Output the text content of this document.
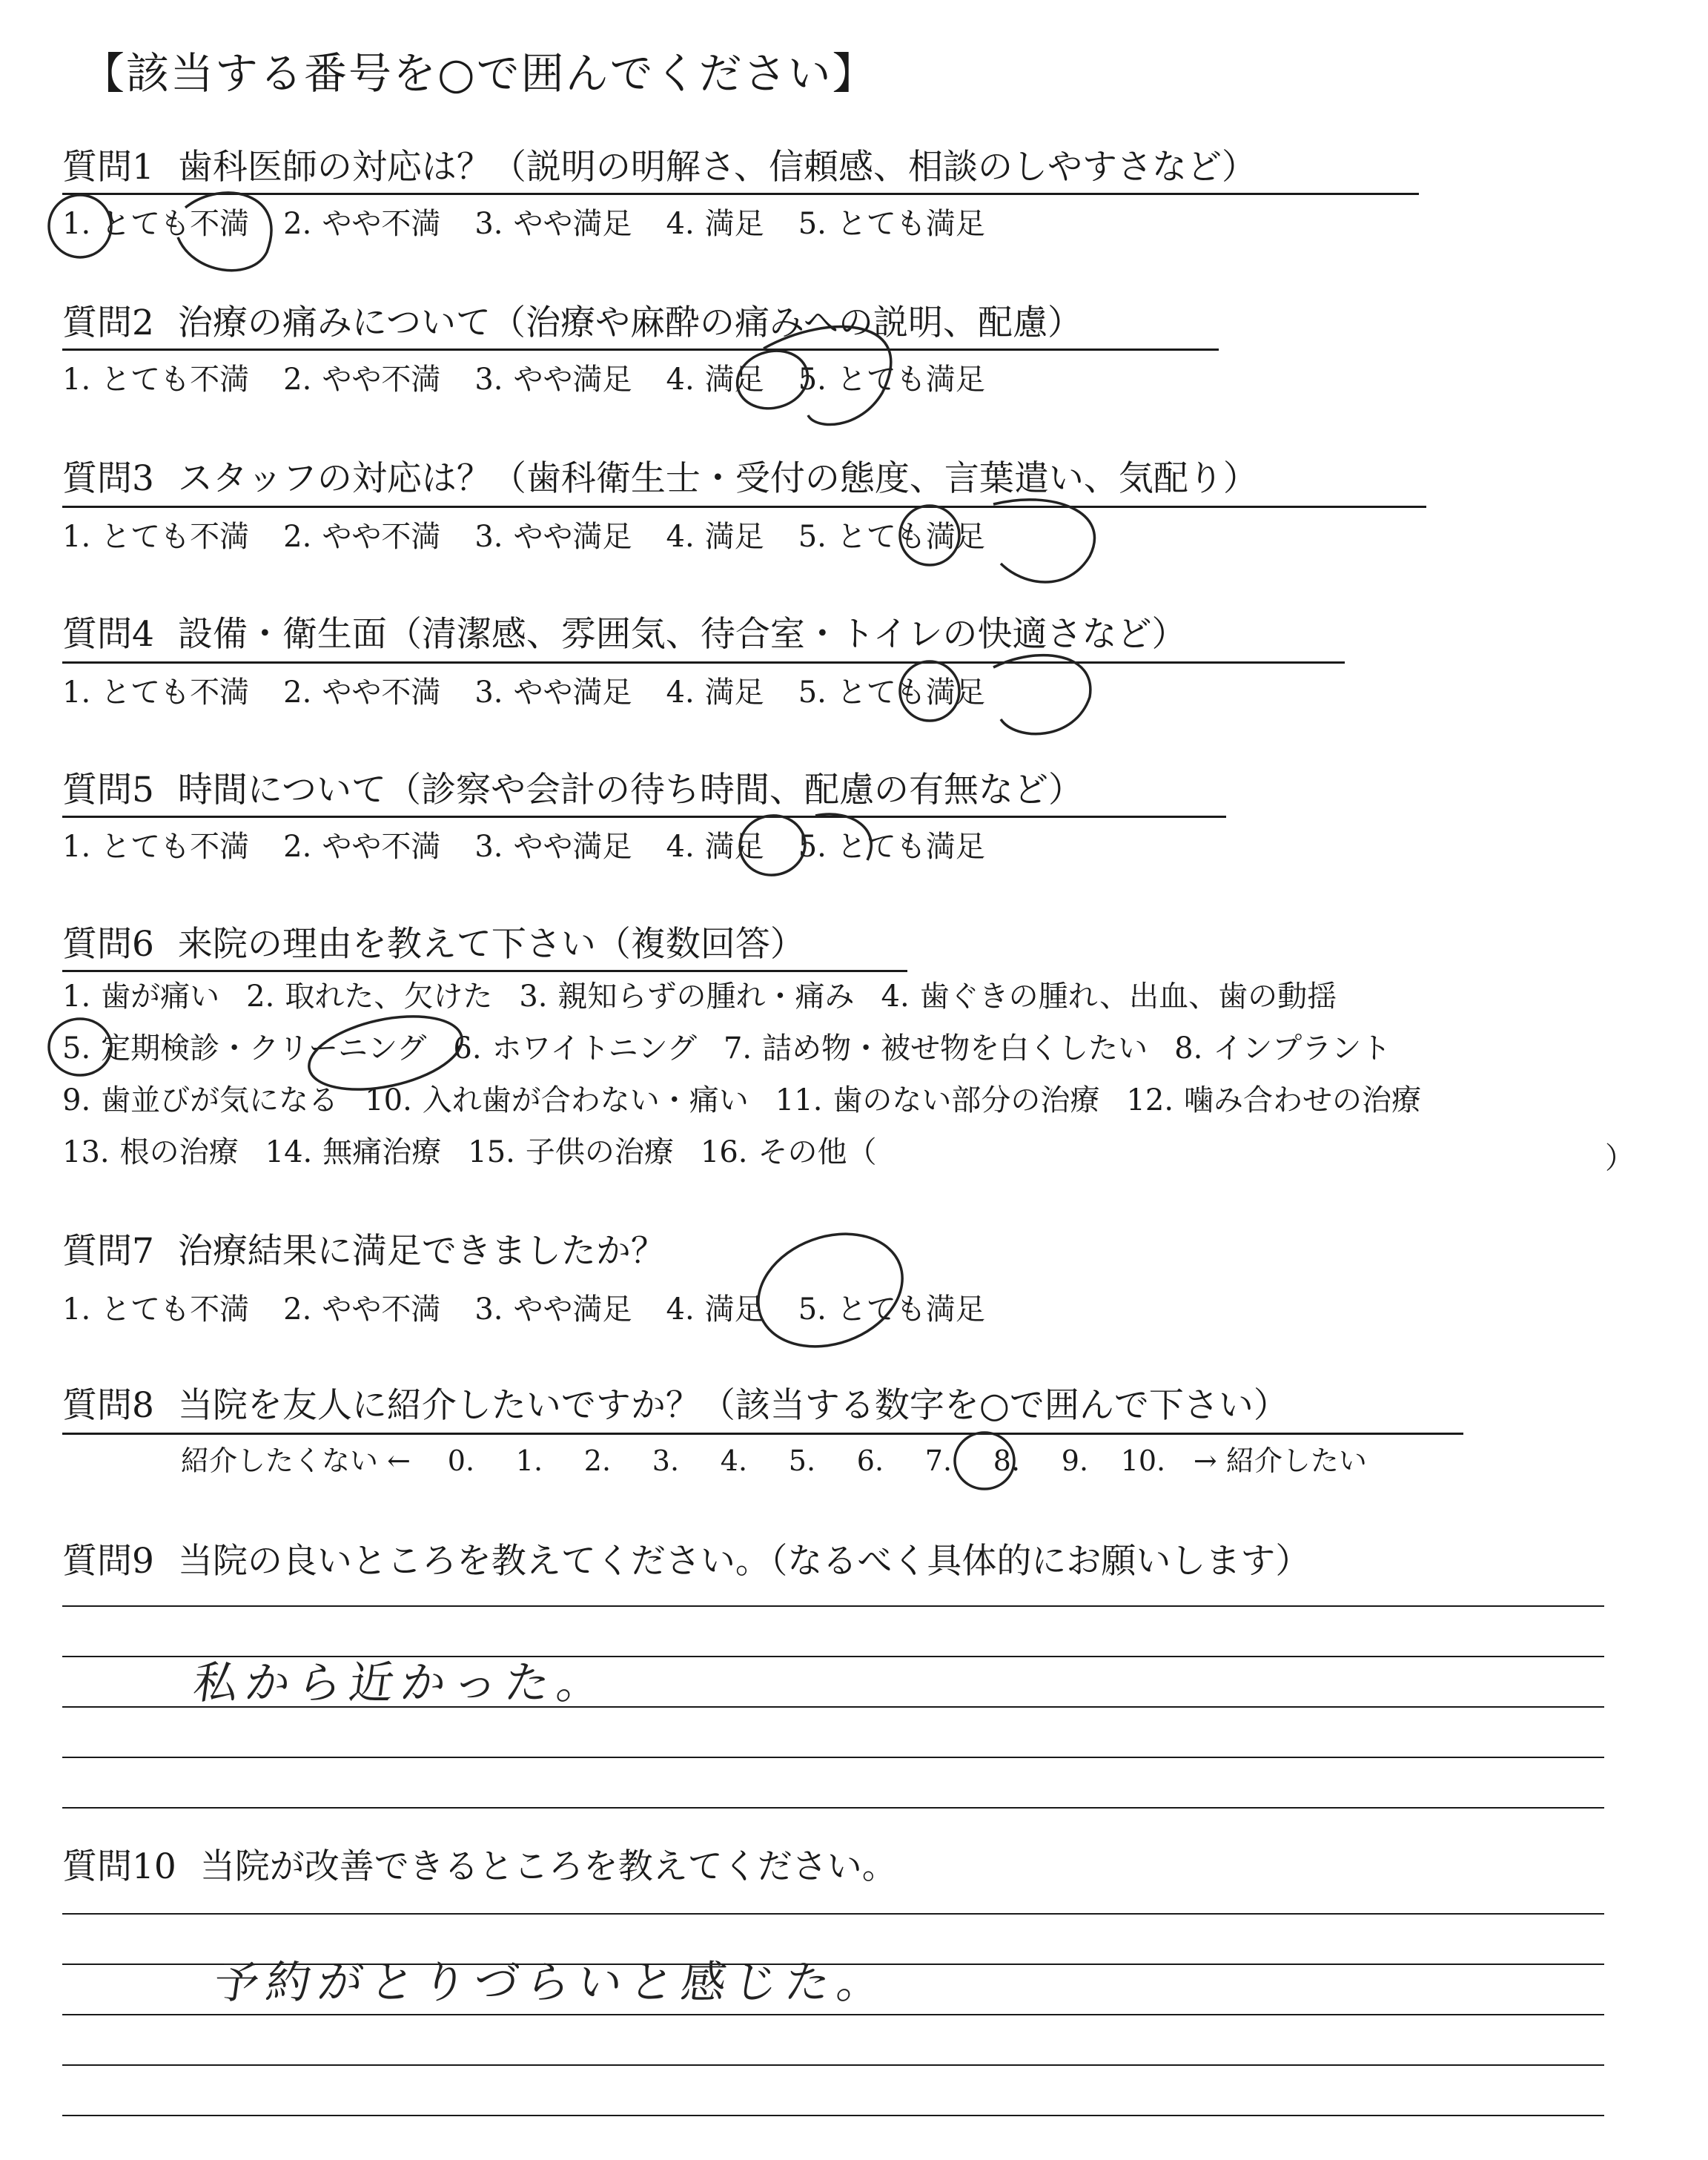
【該当する番号を○で囲んでください】
質問1 歯科医師の対応は？（説明の明解さ、信頼感、相談のしやすさなど）
1. とても不満 2. やや不満 3. やや満足 4. 満足 5. とても満足
質問2 治療の痛みについて（治療や麻酔の痛みへの説明、配慮）
1. とても不満 2. やや不満 3. やや満足 4. 満足 5. とても満足
質問3 スタッフの対応は？（歯科衛生士・受付の態度、言葉遣い、気配り）
1. とても不満 2. やや不満 3. やや満足 4. 満足 5. とても満足
質問4 設備・衛生面（清潔感、雰囲気、待合室・トイレの快適さなど）
1. とても不満 2. やや不満 3. やや満足 4. 満足 5. とても満足
質問5 時間について（診察や会計の待ち時間、配慮の有無など）
1. とても不満 2. やや不満 3. やや満足 4. 満足 5. とても満足
質問6 来院の理由を教えて下さい（複数回答）
1. 歯が痛い 2. 取れた、欠けた 3. 親知らずの腫れ・痛み 4. 歯ぐきの腫れ、出血、歯の動揺
5. 定期検診・クリーニング 6. ホワイトニング 7. 詰め物・被せ物を白くしたい 8. インプラント
9. 歯並びが気になる 10. 入れ歯が合わない・痛い 11. 歯のない部分の治療 12. 噛み合わせの治療
13. 根の治療 14. 無痛治療 15. 子供の治療 16. その他（	）
質問7 治療結果に満足できましたか？
1. とても不満 2. やや不満 3. やや満足 4. 満足 5. とても満足
質問8 当院を友人に紹介したいですか？（該当する数字を○で囲んで下さい）
紹介したくない ← 0. 1. 2. 3. 4. 5. 6. 7. 8. 9. 10. → 紹介したい
質問9 当院の良いところを教えてください。（なるべく具体的にお願いします）
私から近かった。
質問10 当院が改善できるところを教えてください。
予約がとりづらいと感じた。
